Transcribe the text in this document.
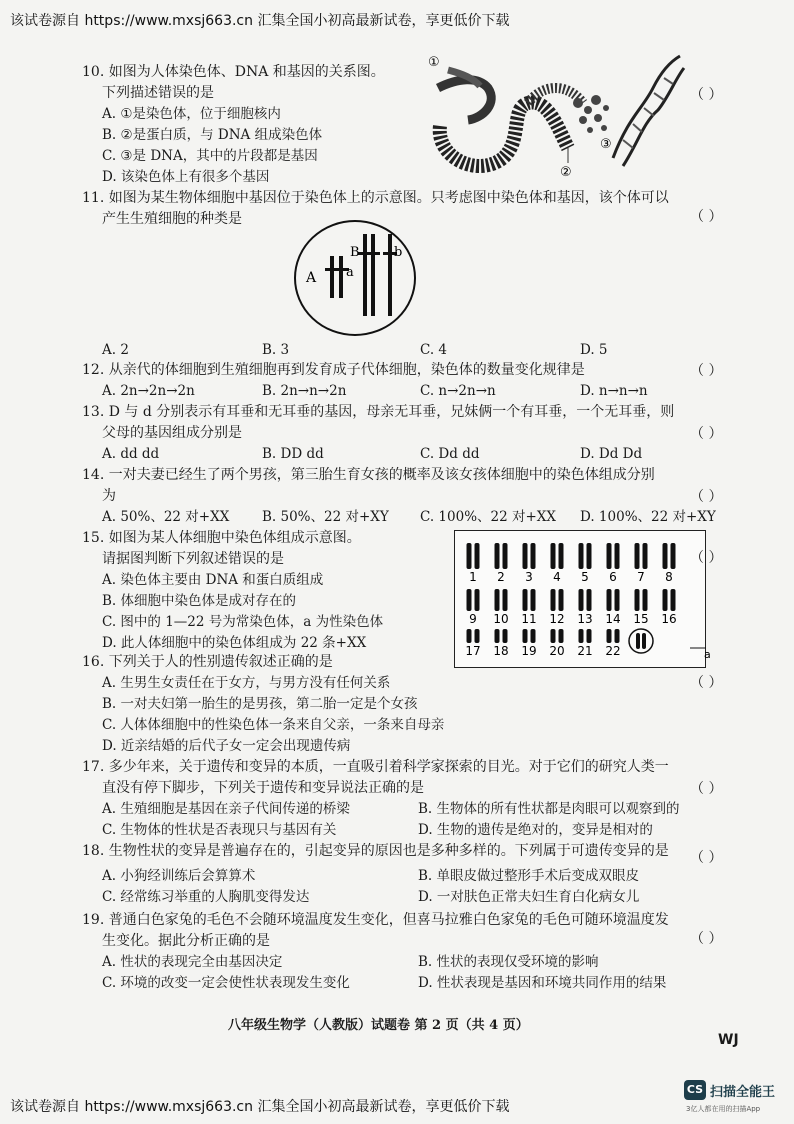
该试卷源自 https://www.mxsj663.cn 汇集全国小初高最新试卷，享更低价下载
10. 如图为人体染色体、DNA 和基因的关系图。
下列描述错误的是
A. ①是染色体，位于细胞核内
B. ②是蛋白质，与 DNA 组成染色体
C. ③是 DNA，其中的片段都是基因
D. 该染色体上有很多个基因
（ ）
①
③
②
11. 如图为某生物体细胞中基因位于染色体上的示意图。只考虑图中染色体和基因，该个体可以
产生生殖细胞的种类是	（ ）
A a
B	b
A. 2	B. 3	C. 4	D. 5
12. 从亲代的体细胞到生殖细胞再到发育成子代体细胞，染色体的数量变化规律是	（ ）
A. 2n→2n→2n	B. 2n→n→2n	C. n→2n→n	D. n→n→n
13. D 与 d 分别表示有耳垂和无耳垂的基因，母亲无耳垂，兄妹俩一个有耳垂，一个无耳垂，则
父母的基因组成分别是	（ ）
A. dd dd	B. DD dd	C. Dd dd	D. Dd Dd
14. 一对夫妻已经生了两个男孩，第三胎生育女孩的概率及该女孩体细胞中的染色体组成分别
为	（ ）
A. 50%、22 对+XX B. 50%、22 对+XY C. 100%、22 对+XX D. 100%、22 对+XY
15. 如图为某人体细胞中染色体组成示意图。
请据图判断下列叙述错误的是
A. 染色体主要由 DNA 和蛋白质组成
B. 体细胞中染色体是成对存在的
C. 图中的 1—22 号为常染色体，a 为性染色体
D. 此人体细胞中的染色体组成为 22 条+XX
1 2 3 4 5 6 7 8
9 10 11 12 13 14 15 16
17 18 19 20 21 22	a
（ ）
16. 下列关于人的性别遗传叙述正确的是
（ ）
A. 生男生女责任在于女方，与男方没有任何关系
B. 一对夫妇第一胎生的是男孩，第二胎一定是个女孩
C. 人体体细胞中的性染色体一条来自父亲，一条来自母亲
D. 近亲结婚的后代子女一定会出现遗传病
17. 多少年来，关于遗传和变异的本质，一直吸引着科学家探索的目光。对于它们的研究人类一
直没有停下脚步，下列关于遗传和变异说法正确的是	（ ）
A. 生殖细胞是基因在亲子代间传递的桥梁	B. 生物体的所有性状都是肉眼可以观察到的
C. 生物体的性状是否表现只与基因有关	D. 生物的遗传是绝对的，变异是相对的
18. 生物性状的变异是普遍存在的，引起变异的原因也是多种多样的。下列属于可遗传变异的是 （ ）
A. 小狗经训练后会算算术	B. 单眼皮做过整形手术后变成双眼皮
C. 经常练习举重的人胸肌变得发达	D. 一对肤色正常夫妇生育白化病女儿
19. 普通白色家兔的毛色不会随环境温度发生变化，但喜马拉雅白色家兔的毛色可随环境温度发
生变化。据此分析正确的是	（ ）
A. 性状的表现完全由基因决定	B. 性状的表现仅受环境的影响
C. 环境的改变一定会使性状表现发生变化	D. 性状表现是基因和环境共同作用的结果
八年级生物学（人教版）试题卷 第 2 页（共 4 页）
WJ
该试卷源自 https://www.mxsj663.cn 汇集全国小初高最新试卷，享更低价下载
CS 扫描全能王
3亿人都在用的扫描App
